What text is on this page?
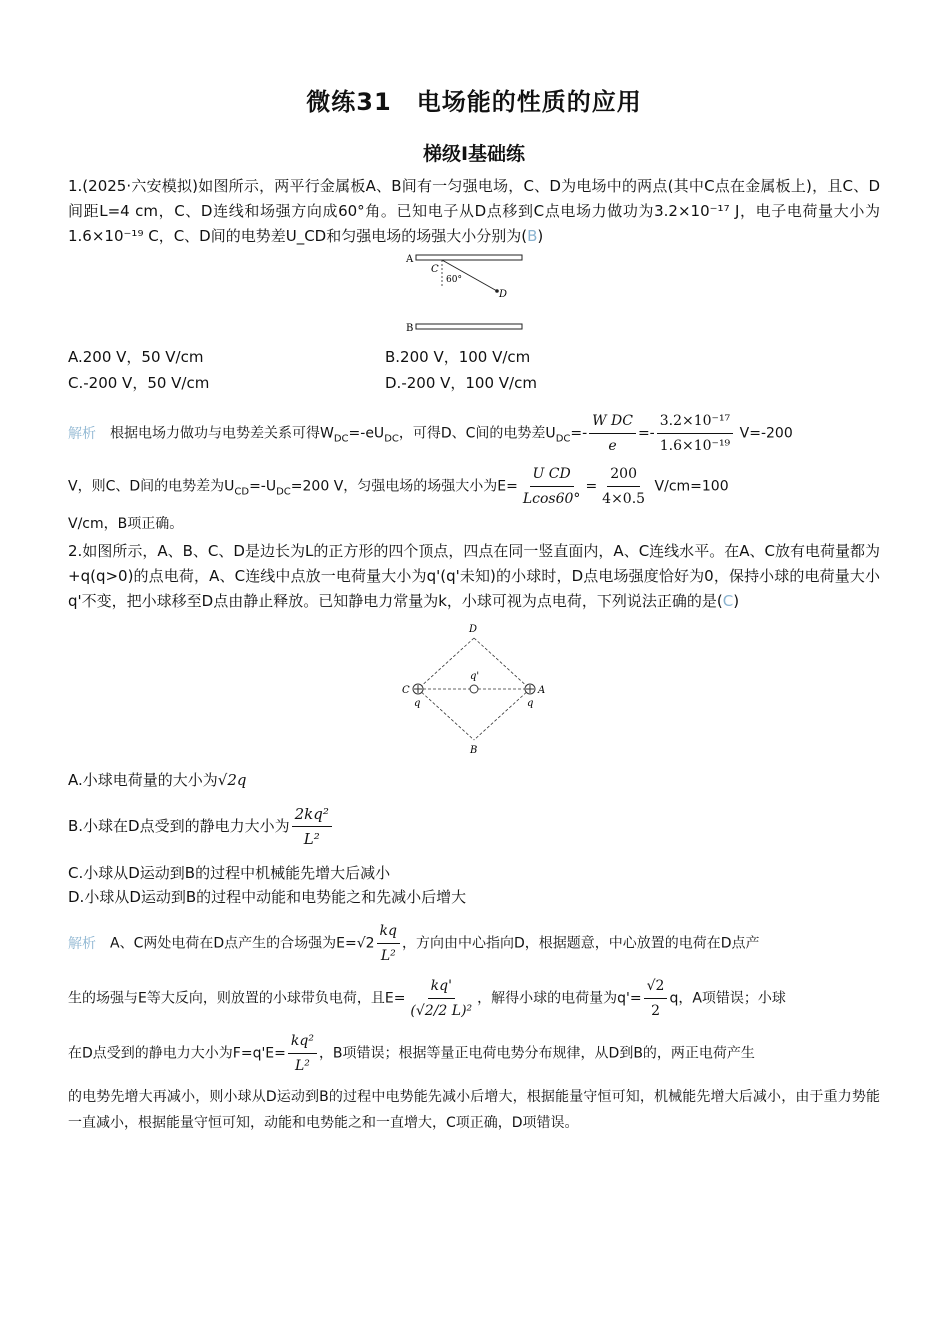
微练31　电场能的性质的应用
梯级Ⅰ基础练

1.(2025·六安模拟)如图所示，两平行金属板A、B间有一匀强电场，C、D为电场中的两点(其中C点在金属板上)，且C、D间距L=4 cm，C、D连线和场强方向成60°角。已知电子从D点移到C点电场力做功为3.2×10⁻¹⁷ J，电子电荷量大小为1.6×10⁻¹⁹ C，C、D间的电势差U_CD和匀强电场的场强大小分别为(B)

A
C
60°
D
B
A.200 V，50 V/cm	B.200 V，100 V/cm
C.-200 V，50 V/cm	D.-200 V，100 V/cm
解析 根据电场力做功与电势差关系可得$W_{DC}=-eU_{DC}$，可得D、C间的电势差$U_{DC}=- \frac{\text{W DC}}{e} =- \frac{\text{3.2×10⁻¹⁷}}{\text{1.6×10⁻¹⁹}} V=-200$
V，则C、D间的电势差为$U_{CD}=-U_{DC}=200$ V，匀强电场的场强大小为$E= \frac{\text{U CD}}{Lcos60^\circ} = \frac{200}{4\times 0.5} V/cm=100$
V/cm，B项正确。

2.如图所示，A、B、C、D是边长为L的正方形的四个顶点，四点在同一竖直面内，A、C连线水平。在A、C放有电荷量都为+q(q>0)的点电荷，A、C连线中点放一电荷量大小为q'(q'未知)的小球时，D点电场强度恰好为0，保持小球的电荷量大小q'不变，把小球移至D点由静止释放。已知静电力常量为k，小球可视为点电荷，下列说法正确的是(C)

D
C	A
q	q
q'
B
A.小球电荷量的大小为√2q
B.小球在D点受到的静电力大小为 $\frac{\text{2kq²}}{\text{L²}}$
C.小球从D运动到B的过程中机械能先增大后减小
D.小球从D运动到B的过程中动能和电势能之和先减小后增大
解析 A、C两处电荷在D点产生的合场强为$E=√2 \frac{kq}{\text{L²}}$ ，方向由中心指向D，根据题意，中心放置的电荷在D点产
生的场强与E等大反向，则放置的小球带负电荷，且$E= \frac{kq'}{\text{(√2/2 L)²}}$ ，解得小球的电荷量为$q'= \frac{√2}{2}$ q，A项错误；小球
在D点受到的静电力大小为$F=q'E= \frac{\text{kq²}}{\text{L²}}$ ，B项错误；根据等量正电荷电势分布规律，从D到B的，两正电荷产生
的电势先增大再减小，则小球从D运动到B的过程中电势能先减小后增大，根据能量守恒可知，机械能先增大后减小，由于重力势能一直减小，根据能量守恒可知，动能和电势能之和一直增大，C项正确，D项错误。
